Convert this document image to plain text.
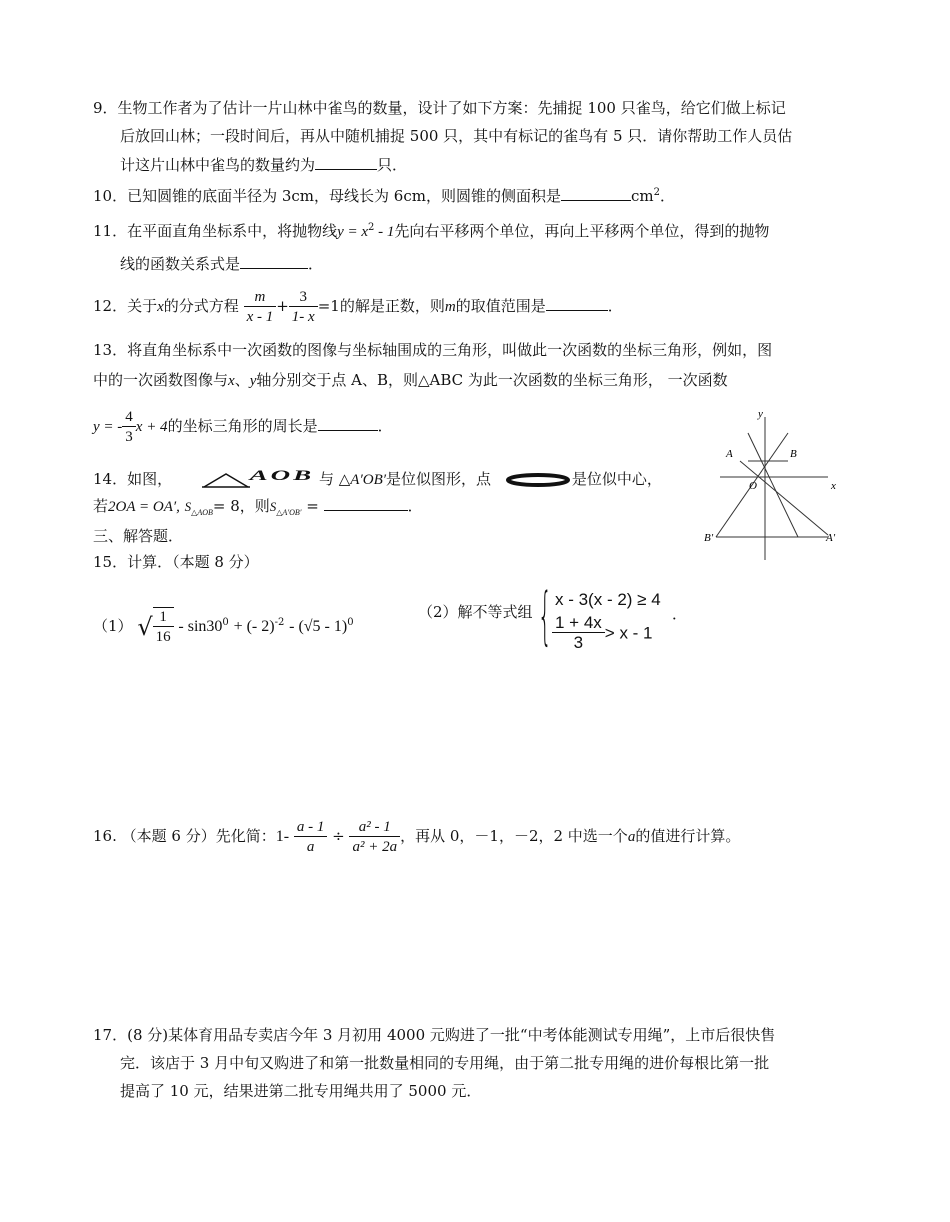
9．生物工作者为了估计一片山林中雀鸟的数量，设计了如下方案：先捕捉 100 只雀鸟，给它们做上标记
后放回山林；一段时间后，再从中随机捕捉 500 只，其中有标记的雀鸟有 5 只．请你帮助工作人员估
计这片山林中雀鸟的数量约为	只．
10．已知圆锥的底面半径为 3cm，母线长为 6cm，则圆锥的侧面积是	$cm^2$．
11．在平面直角坐标系中，将抛物线$y = x^2 - 1$先向右平移两个单位，再向上平移两个单位，得到的抛物
线的函数关系式是	．
12．关于x的分式方程 $\frac{m}{x - 1} + \frac{3}{1- x} =1$的解是正数，则m的取值范围是	．
13．将直角坐标系中一次函数的图像与坐标轴围成的三角形，叫做此一次函数的坐标三角形，例如，图
中的一次函数图像与x、y轴分别交于点 A、B，则△ABC 为此一次函数的坐标三角形， 一次函数
y = - $\frac{4}{3}$ x + 4的坐标三角形的周长是	．
14．如图，	AOB 与 △A′OB′是位似图形，点	是位似中心，
若2OA = OA′, $S_{\triangle AOB}= 8$，则$S_{\triangle A'OB'}$ =	．
y
x
A	B
O
B′	A′
三、解答题．
15．计算．（本题 8 分）
（1） √ $\frac{1}{16} - \sin 30^0$ + (- 2)$^{-2}$ - (√5 - 1)$^0$
（2）解不等式组 { x - 3(x - 2) ≥ 4
$\frac{1 + 4x}{3} > x - 1$
．
16. （本题 6 分）先化简：$1- \frac{a - 1}{a} \div \frac{\text{a² - 1}}{\text{a² + 2a}}$ ，再从 0，－1，－2，2 中选一个a的值进行计算。
17．(8 分)某体育用品专卖店今年 3 月初用 4000 元购进了一批“中考体能测试专用绳”，上市后很快售
完．该店于 3 月中旬又购进了和第一批数量相同的专用绳，由于第二批专用绳的进价每根比第一批
提高了 10 元，结果进第二批专用绳共用了 5000 元．
